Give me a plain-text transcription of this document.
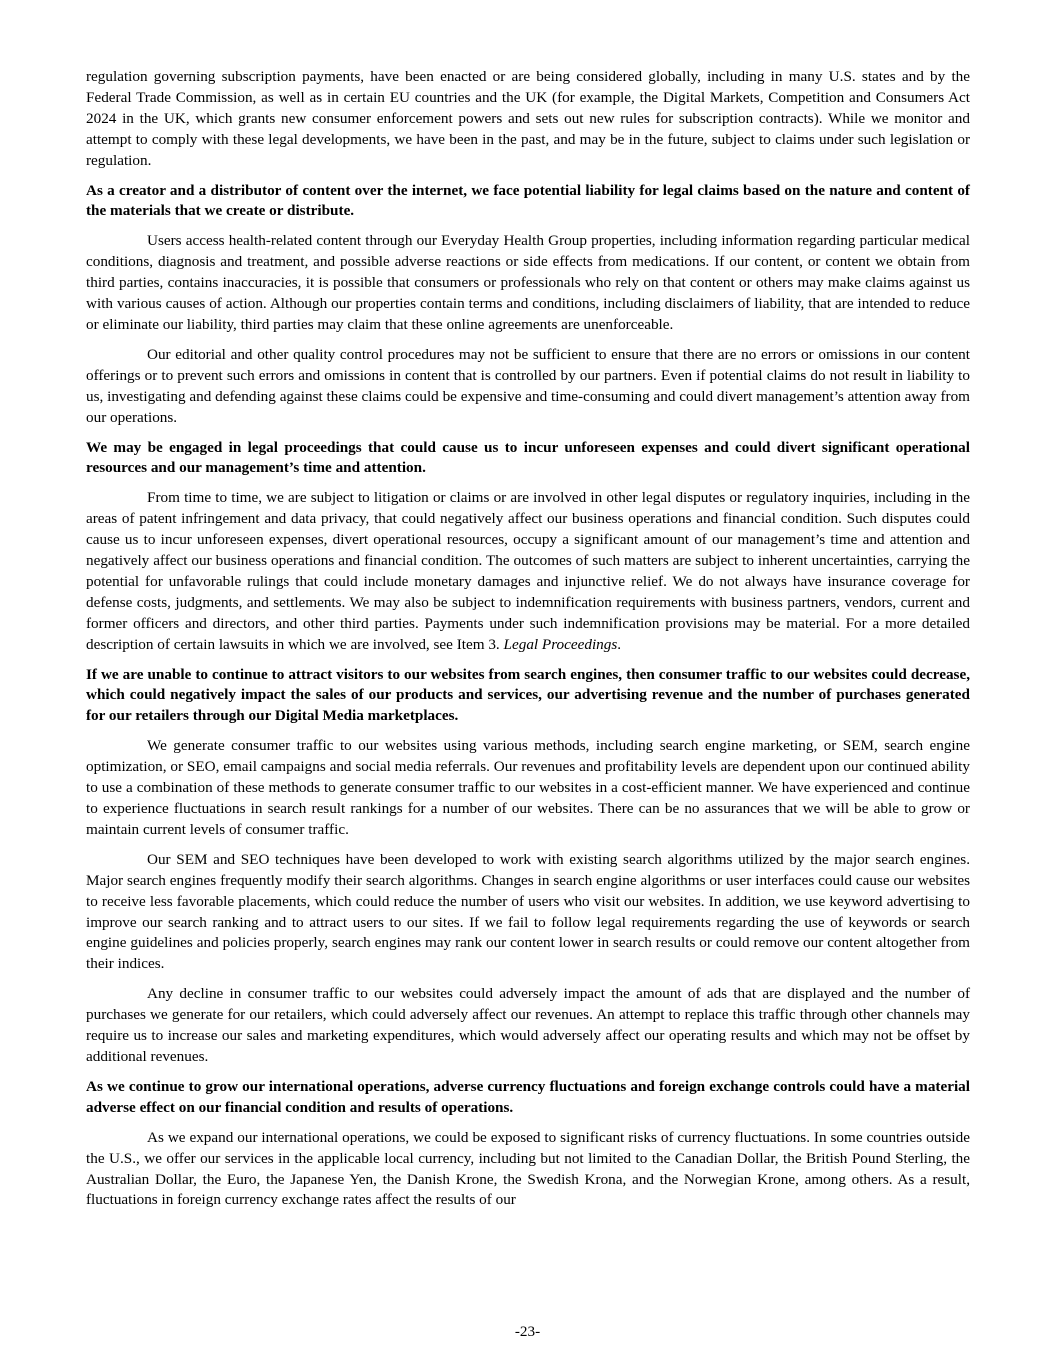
regulation governing subscription payments, have been enacted or are being considered globally, including in many U.S. states and by the Federal Trade Commission, as well as in certain EU countries and the UK (for example, the Digital Markets, Competition and Consumers Act 2024 in the UK, which grants new consumer enforcement powers and sets out new rules for subscription contracts). While we monitor and attempt to comply with these legal developments, we have been in the past, and may be in the future, subject to claims under such legislation or regulation.

As a creator and a distributor of content over the internet, we face potential liability for legal claims based on the nature and content of the materials that we create or distribute.

Users access health-related content through our Everyday Health Group properties, including information regarding particular medical conditions, diagnosis and treatment, and possible adverse reactions or side effects from medications. If our content, or content we obtain from third parties, contains inaccuracies, it is possible that consumers or professionals who rely on that content or others may make claims against us with various causes of action. Although our properties contain terms and conditions, including disclaimers of liability, that are intended to reduce or eliminate our liability, third parties may claim that these online agreements are unenforceable.

Our editorial and other quality control procedures may not be sufficient to ensure that there are no errors or omissions in our content offerings or to prevent such errors and omissions in content that is controlled by our partners. Even if potential claims do not result in liability to us, investigating and defending against these claims could be expensive and time-consuming and could divert management’s attention away from our operations.

We may be engaged in legal proceedings that could cause us to incur unforeseen expenses and could divert significant operational resources and our management’s time and attention.

From time to time, we are subject to litigation or claims or are involved in other legal disputes or regulatory inquiries, including in the areas of patent infringement and data privacy, that could negatively affect our business operations and financial condition. Such disputes could cause us to incur unforeseen expenses, divert operational resources, occupy a significant amount of our management’s time and attention and negatively affect our business operations and financial condition. The outcomes of such matters are subject to inherent uncertainties, carrying the potential for unfavorable rulings that could include monetary damages and injunctive relief. We do not always have insurance coverage for defense costs, judgments, and settlements. We may also be subject to indemnification requirements with business partners, vendors, current and former officers and directors, and other third parties. Payments under such indemnification provisions may be material. For a more detailed description of certain lawsuits in which we are involved, see Item 3. Legal Proceedings.

If we are unable to continue to attract visitors to our websites from search engines, then consumer traffic to our websites could decrease, which could negatively impact the sales of our products and services, our advertising revenue and the number of purchases generated for our retailers through our Digital Media marketplaces.

We generate consumer traffic to our websites using various methods, including search engine marketing, or SEM, search engine optimization, or SEO, email campaigns and social media referrals. Our revenues and profitability levels are dependent upon our continued ability to use a combination of these methods to generate consumer traffic to our websites in a cost-efficient manner. We have experienced and continue to experience fluctuations in search result rankings for a number of our websites. There can be no assurances that we will be able to grow or maintain current levels of consumer traffic.

Our SEM and SEO techniques have been developed to work with existing search algorithms utilized by the major search engines. Major search engines frequently modify their search algorithms. Changes in search engine algorithms or user interfaces could cause our websites to receive less favorable placements, which could reduce the number of users who visit our websites. In addition, we use keyword advertising to improve our search ranking and to attract users to our sites. If we fail to follow legal requirements regarding the use of keywords or search engine guidelines and policies properly, search engines may rank our content lower in search results or could remove our content altogether from their indices.

Any decline in consumer traffic to our websites could adversely impact the amount of ads that are displayed and the number of purchases we generate for our retailers, which could adversely affect our revenues. An attempt to replace this traffic through other channels may require us to increase our sales and marketing expenditures, which would adversely affect our operating results and which may not be offset by additional revenues.

As we continue to grow our international operations, adverse currency fluctuations and foreign exchange controls could have a material adverse effect on our financial condition and results of operations.

As we expand our international operations, we could be exposed to significant risks of currency fluctuations. In some countries outside the U.S., we offer our services in the applicable local currency, including but not limited to the Canadian Dollar, the British Pound Sterling, the Australian Dollar, the Euro, the Japanese Yen, the Danish Krone, the Swedish Krona, and the Norwegian Krone, among others. As a result, fluctuations in foreign currency exchange rates affect the results of our

-23-
